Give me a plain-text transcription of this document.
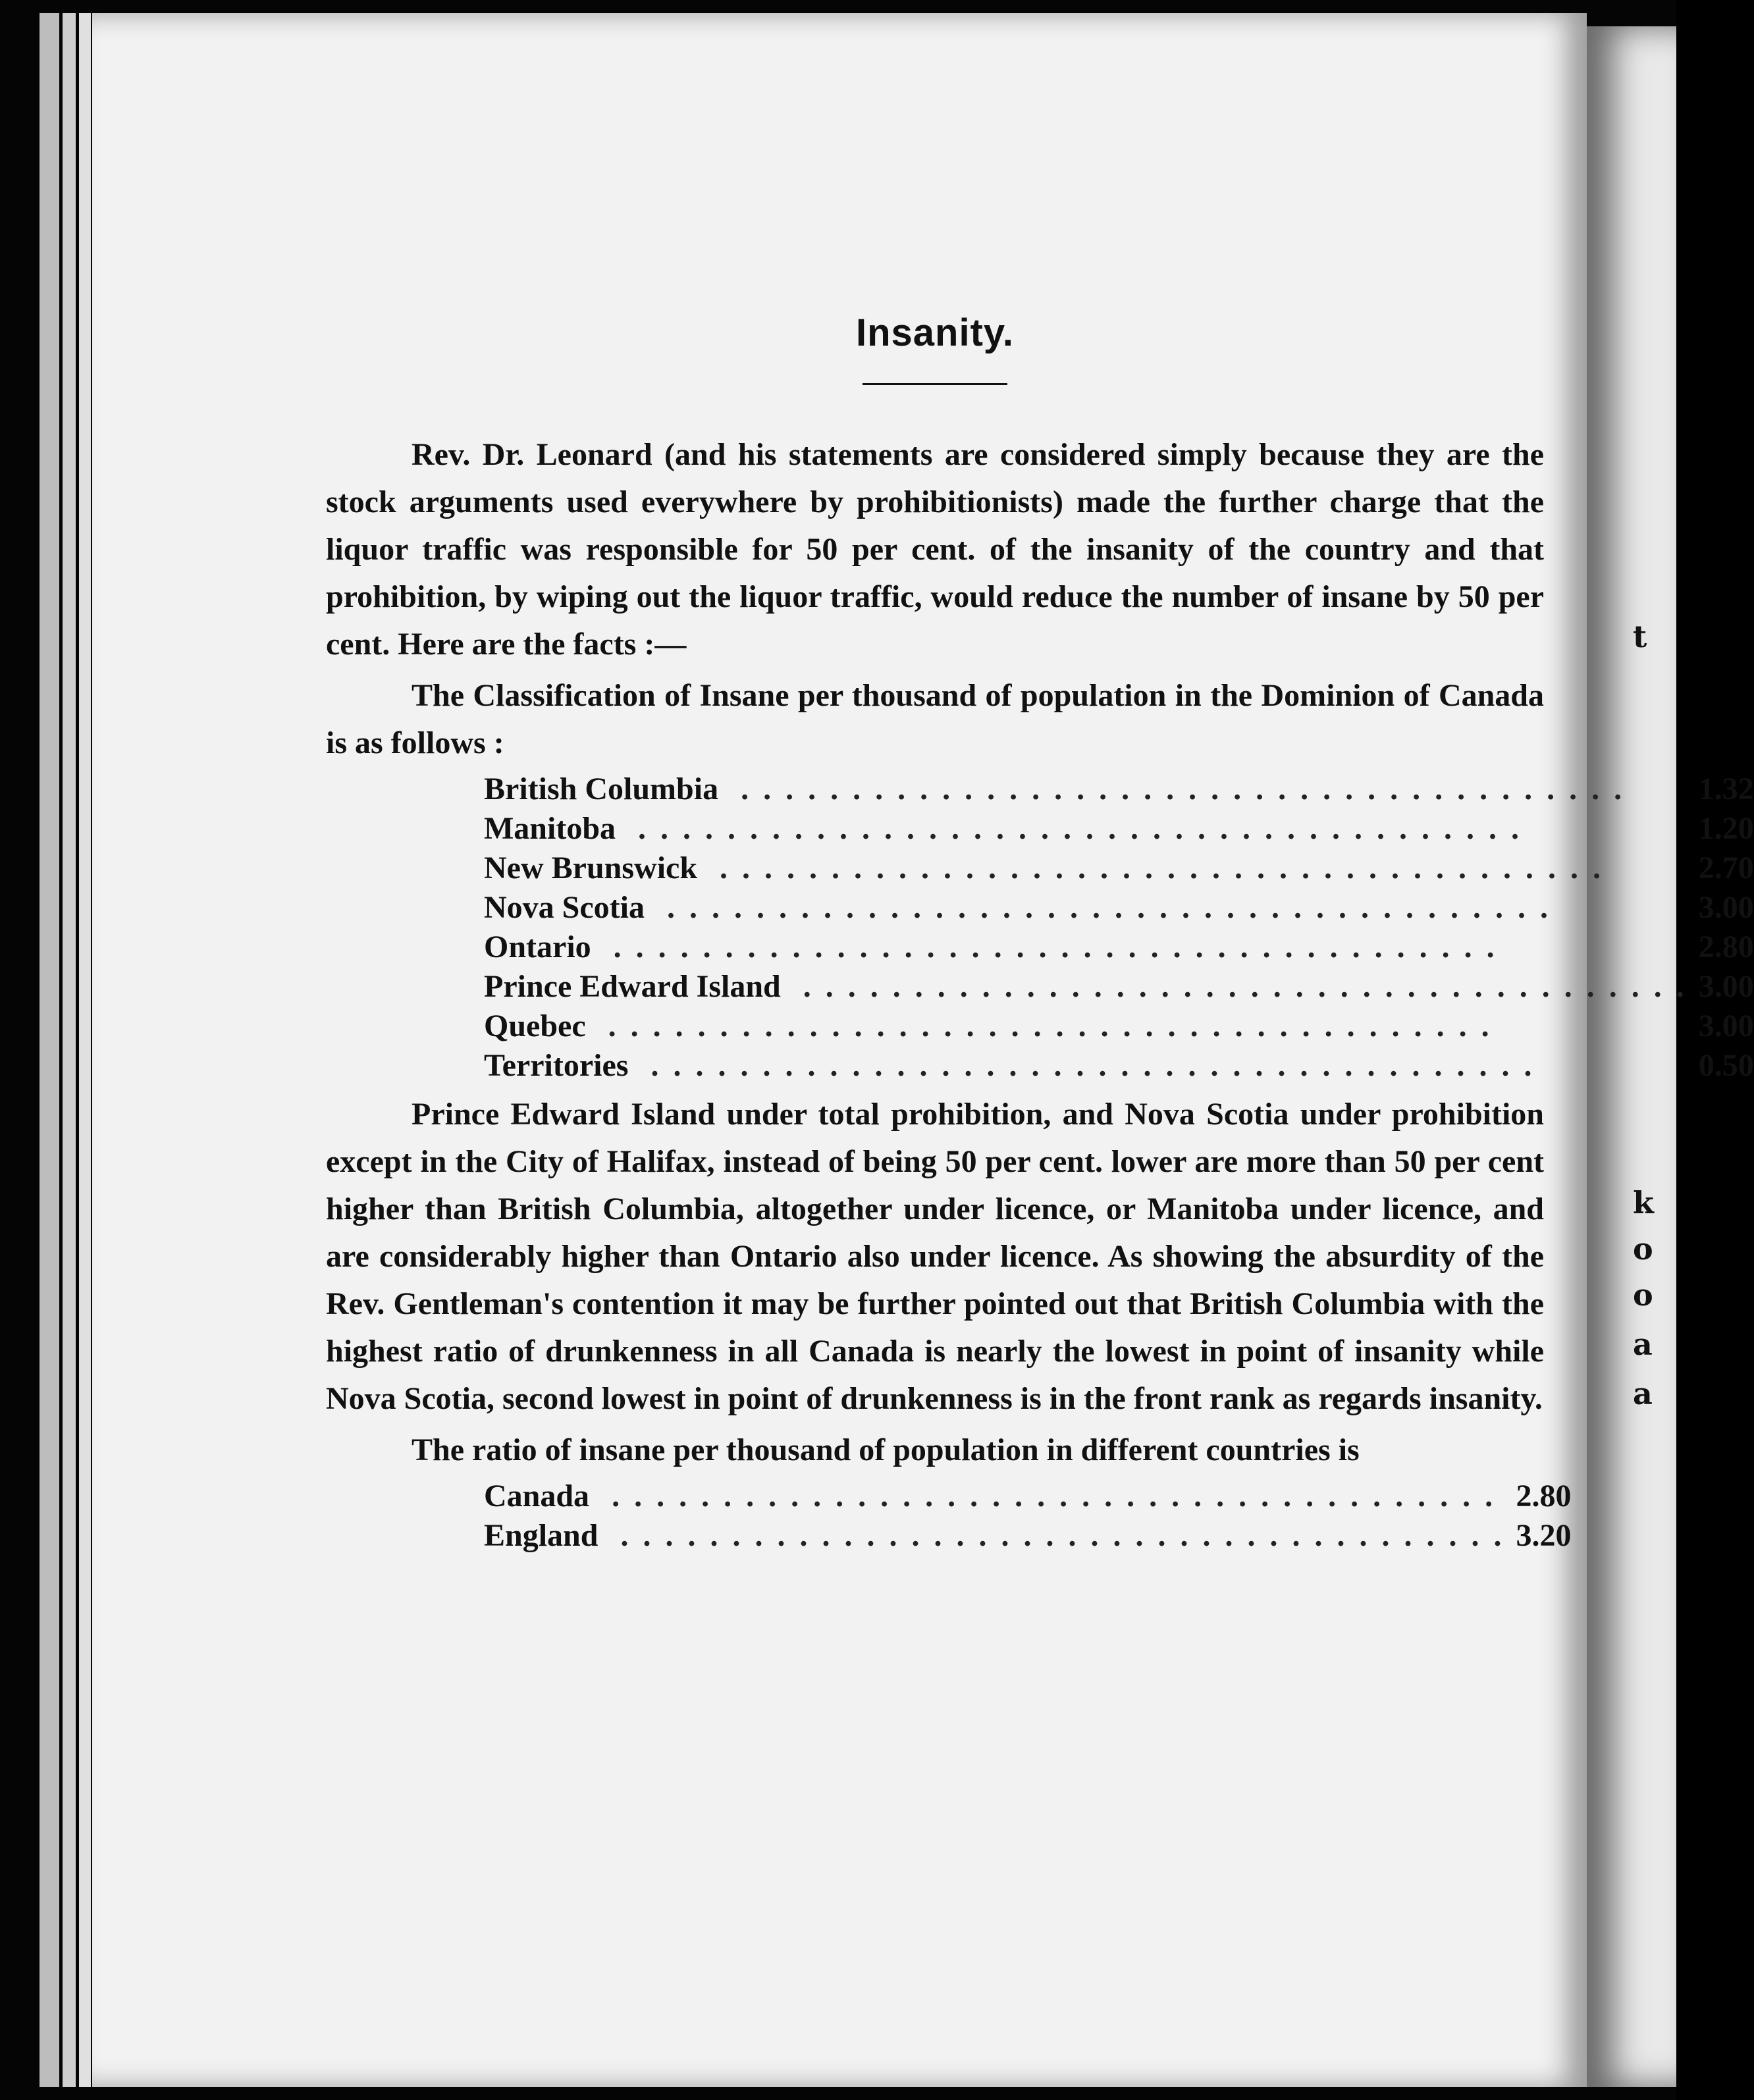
t
k
o
o
a
a
Insanity.

Rev. Dr. Leonard (and his statements are considered simply because they are the stock arguments used everywhere by prohibitionists) made the further charge that the liquor traffic was responsible for 50 per cent. of the insanity of the country and that prohibition, by wiping out the liquor traffic, would reduce the number of insane by 50 per cent. Here are the facts :—

The Classification of Insane per thousand of population in the Dominion of Canada is as follows :

British Columbia ........................................	1.32
Manitoba ........................................	1.20
New Brunswick ........................................	2.70
Nova Scotia ........................................	3.00
Ontario ........................................	2.80
Prince Edward Island ........................................	3.00
Quebec ........................................	3.00
Territories ........................................	0.50

Prince Edward Island under total prohibition, and Nova Scotia under prohibition except in the City of Halifax, instead of being 50 per cent. lower are more than 50 per cent higher than British Columbia, altogether under licence, or Manitoba under licence, and are considerably higher than Ontario also under licence. As showing the absurdity of the Rev. Gentleman's contention it may be further pointed out that British Columbia with the highest ratio of drunkenness in all Canada is nearly the lowest in point of insanity while Nova Scotia, second lowest in point of drunkenness is in the front rank as regards insanity.

The ratio of insane per thousand of population in different countries is

Canada ........................................	2.80
England ........................................	3.20
